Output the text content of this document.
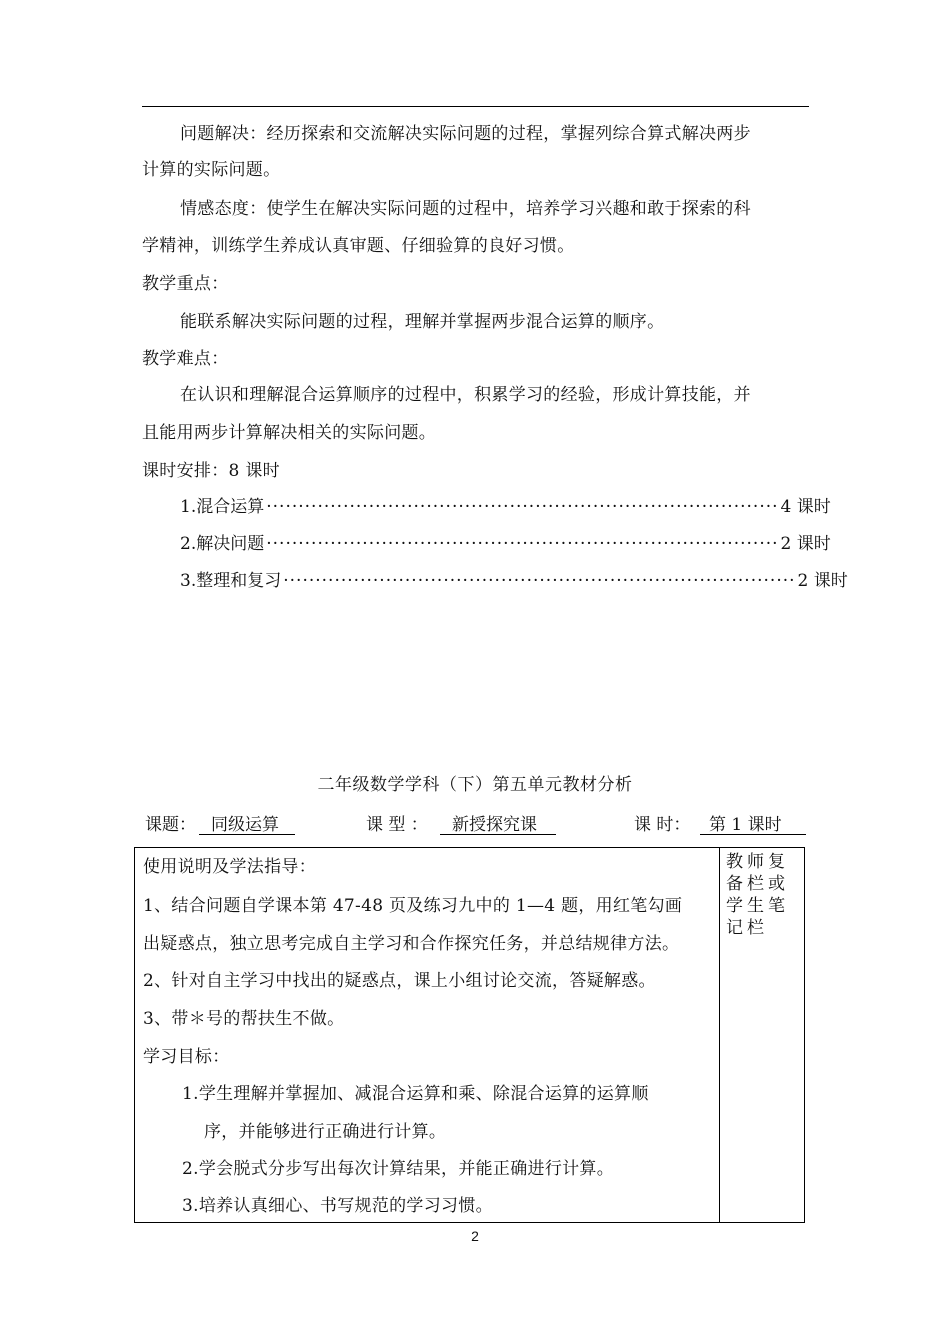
问题解决：经历探索和交流解决实际问题的过程，掌握列综合算式解决两步
计算的实际问题。
情感态度：使学生在解决实际问题的过程中，培养学习兴趣和敢于探索的科
学精神，训练学生养成认真审题、仔细验算的良好习惯。
教学重点：
能联系解决实际问题的过程，理解并掌握两步混合运算的顺序。
教学难点：
在认识和理解混合运算顺序的过程中，积累学习的经验，形成计算技能，并
且能用两步计算解决相关的实际问题。
课时安排：8 课时
1.混合运算 ················································································ 4 课时
2.解决问题 ················································································ 2 课时
3.整理和复习 ················································································ 2 课时
二年级数学学科（下）第五单元教材分析
课题： 同级运算	课 型 ： 新授探究课	课 时： 第 1 课时
使用说明及学法指导：
1、结合问题自学课本第 47-48 页及练习九中的 1—4 题，用红笔勾画
出疑惑点，独立思考完成自主学习和合作探究任务，并总结规律方法。
2、针对自主学习中找出的疑惑点，课上小组讨论交流，答疑解惑。
3、带＊号的帮扶生不做。
学习目标：
1.学生理解并掌握加、减混合运算和乘、除混合运算的运算顺
序，并能够进行正确进行计算。
2.学会脱式分步写出每次计算结果，并能正确进行计算。
3.培养认真细心、书写规范的学习习惯。
教师复备栏或学生笔记栏
2
